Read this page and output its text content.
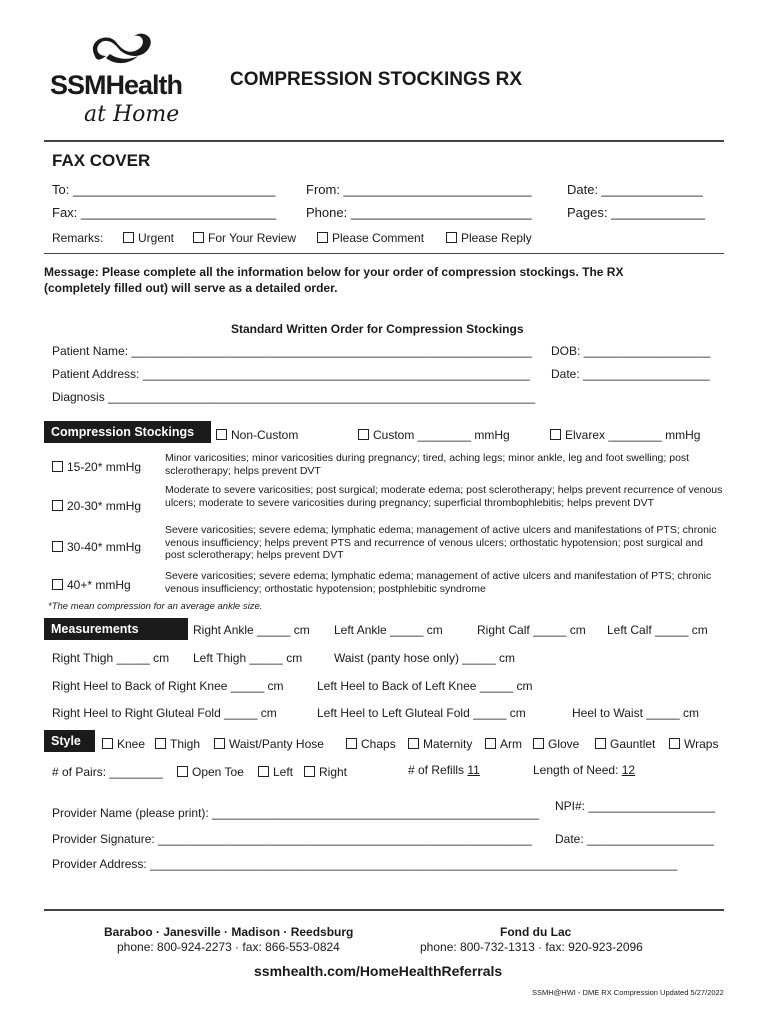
SSMHealth
at Home
COMPRESSION STOCKINGS RX
FAX COVER
To: ____________________________ From: __________________________	Date: ______________
Fax: ___________________________ Phone: _________________________	Pages: _____________
Remarks:	Urgent	For Your Review	Please Comment	Please Reply
Message: Please complete all the information below for your order of compression stockings. The RX (completely filled out) will serve as a detailed order.
Standard Written Order for Compression Stockings
Patient Name: ____________________________________________________________ DOB: ___________________
Patient Address: __________________________________________________________ Date: ___________________
Diagnosis ________________________________________________________________
Compression Stockings	Non-Custom	Custom ________ mmHg	Elvarex ________ mmHg
15-20* mmHg
Minor varicosities; minor varicosities during pregnancy; tired, aching legs; minor ankle, leg and foot swelling; post sclerotherapy; helps prevent DVT
20-30* mmHg
Moderate to severe varicosities; post surgical; moderate edema; post sclerotherapy; helps prevent recurrence of venous ulcers; moderate to severe varicosities during pregnancy; superficial thrombophlebitis; helps prevent DVT
30-40* mmHg
Severe varicosities; severe edema; lymphatic edema; management of active ulcers and manifestations of PTS; chronic venous insufficiency; helps prevent PTS and recurrence of venous ulcers; orthostatic hypotension; post surgical and post sclerotherapy; helps prevent DVT
40+* mmHg
Severe varicosities; severe edema; lymphatic edema; management of active ulcers and manifestation of PTS; chronic venous insufficiency; orthostatic hypotension; postphlebitic syndrome
*The mean compression for an average ankle size.
Measurements	Right Ankle _____ cm Left Ankle _____ cm	Right Calf _____ cm Left Calf _____ cm
Right Thigh _____ cm Left Thigh _____ cm	Waist (panty hose only) _____ cm
Right Heel to Back of Right Knee _____ cm	Left Heel to Back of Left Knee _____ cm
Right Heel to Right Gluteal Fold _____ cm	Left Heel to Left Gluteal Fold _____ cm	Heel to Waist _____ cm
Style	Knee	Thigh	Waist/Panty Hose	Chaps	Maternity	Arm	Glove	Gauntlet	Wraps
# of Pairs: ________	Open Toe	Left	Right	# of Refills 11	Length of Need: 12
NPI#: ___________________
Provider Name (please print): _________________________________________________
Provider Signature: ________________________________________________________ Date: ___________________
Provider Address: _______________________________________________________________________________
Baraboo · Janesville · Madison · Reedsburg
phone: 800-924-2273 · fax: 866-553-0824
Fond du Lac
phone: 800-732-1313 · fax: 920-923-2096
ssmhealth.com/HomeHealthReferrals
SSMH@HWI - DME RX Compression Updated 5/27/2022
